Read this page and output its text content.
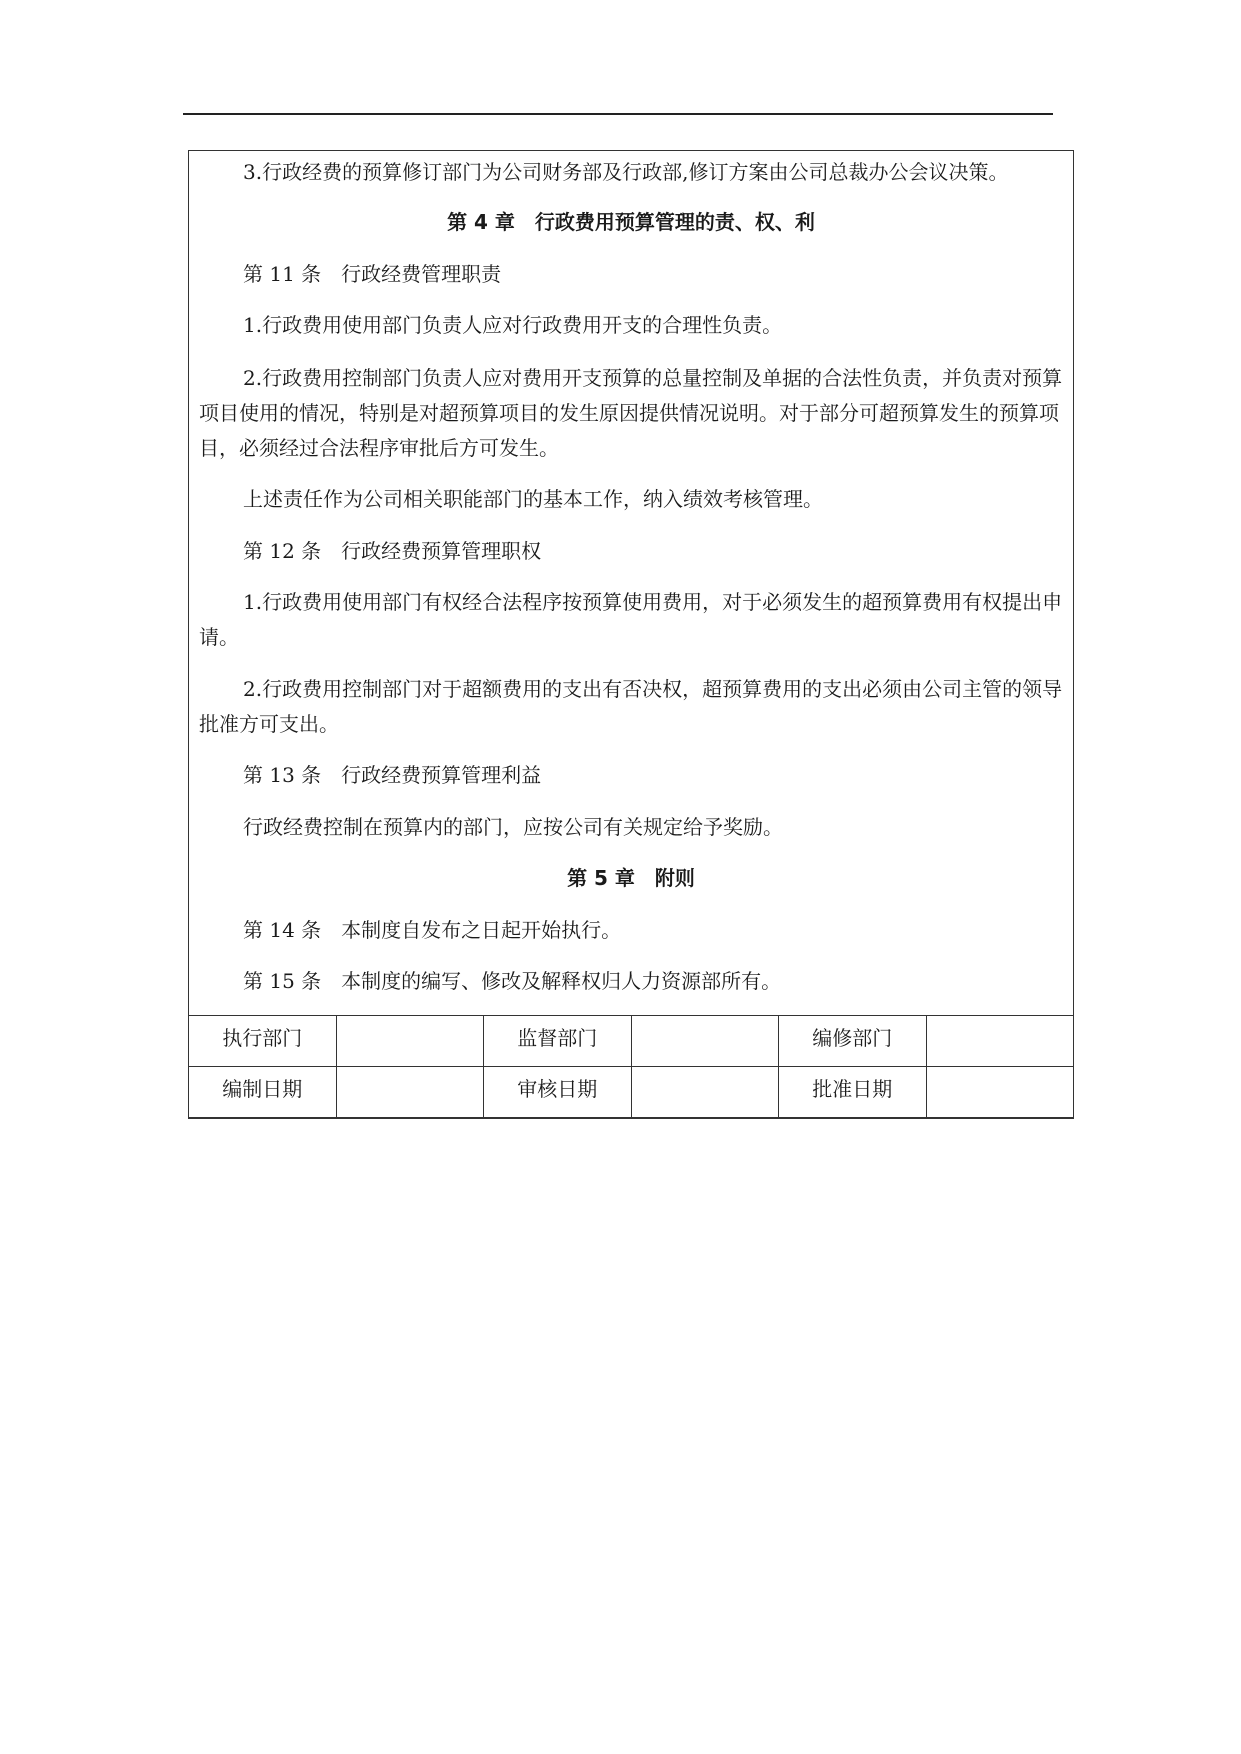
3.行政经费的预算修订部门为公司财务部及行政部,修订方案由公司总裁办公会议决策。
第 4 章　行政费用预算管理的责、权、利
第 11 条　行政经费管理职责
1.行政费用使用部门负责人应对行政费用开支的合理性负责。
2.行政费用控制部门负责人应对费用开支预算的总量控制及单据的合法性负责，并负责对预算项目使用的情况，特别是对超预算项目的发生原因提供情况说明。对于部分可超预算发生的预算项目，必须经过合法程序审批后方可发生。
上述责任作为公司相关职能部门的基本工作，纳入绩效考核管理。
第 12 条　行政经费预算管理职权
1.行政费用使用部门有权经合法程序按预算使用费用，对于必须发生的超预算费用有权提出申请。
2.行政费用控制部门对于超额费用的支出有否决权，超预算费用的支出必须由公司主管的领导批准方可支出。
第 13 条　行政经费预算管理利益
行政经费控制在预算内的部门，应按公司有关规定给予奖励。
第 5 章　附则
第 14 条　本制度自发布之日起开始执行。
第 15 条　本制度的编写、修改及解释权归人力资源部所有。
执行部门		监督部门		编修部门	
编制日期		审核日期		批准日期	
